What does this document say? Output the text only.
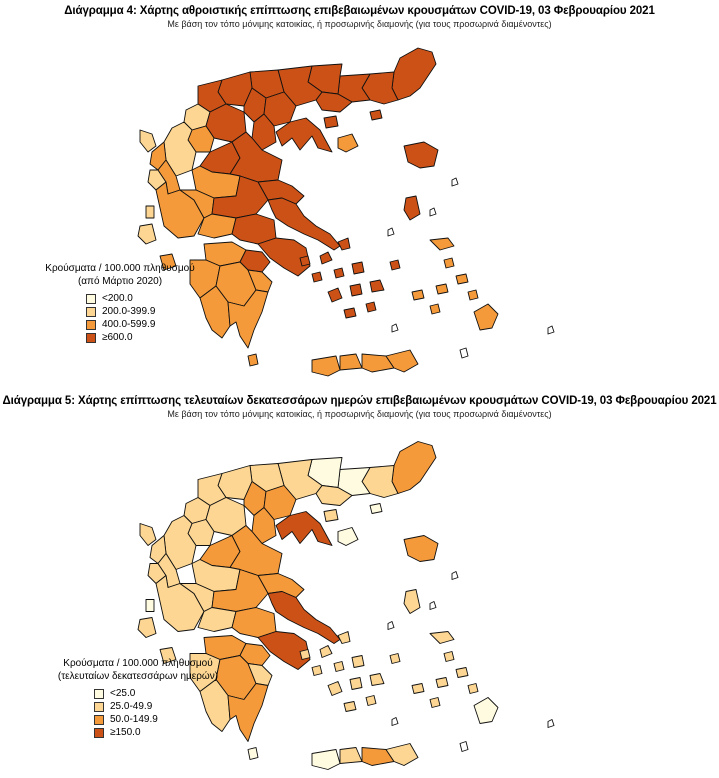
Διάγραμμα 4: Χάρτης αθροιστικής επίπτωσης επιβεβαιωμένων κρουσμάτων COVID-19, 03 Φεβρουαρίου 2021
Με βάση τον τόπο μόνιμης κατοικίας, ή προσωρινής διαμονής (για τους προσωρινά διαμένοντες)
Κρούσματα / 100.000 πληθυσμού
(από Μάρτιο 2020)
<200.0
200.0-399.9
400.0-599.9
≥600.0
Διάγραμμα 5: Χάρτης επίπτωσης τελευταίων δεκατεσσάρων ημερών επιβεβαιωμένων κρουσμάτων COVID-19, 03 Φεβρουαρίου 2021
Με βάση τον τόπο μόνιμης κατοικίας, ή προσωρινής διαμονής (για τους προσωρινά διαμένοντες)
Κρούσματα / 100.000 πληθυσμού
(τελευταίων δεκατεσσάρων ημερών)
<25.0
25.0-49.9
50.0-149.9
≥150.0
